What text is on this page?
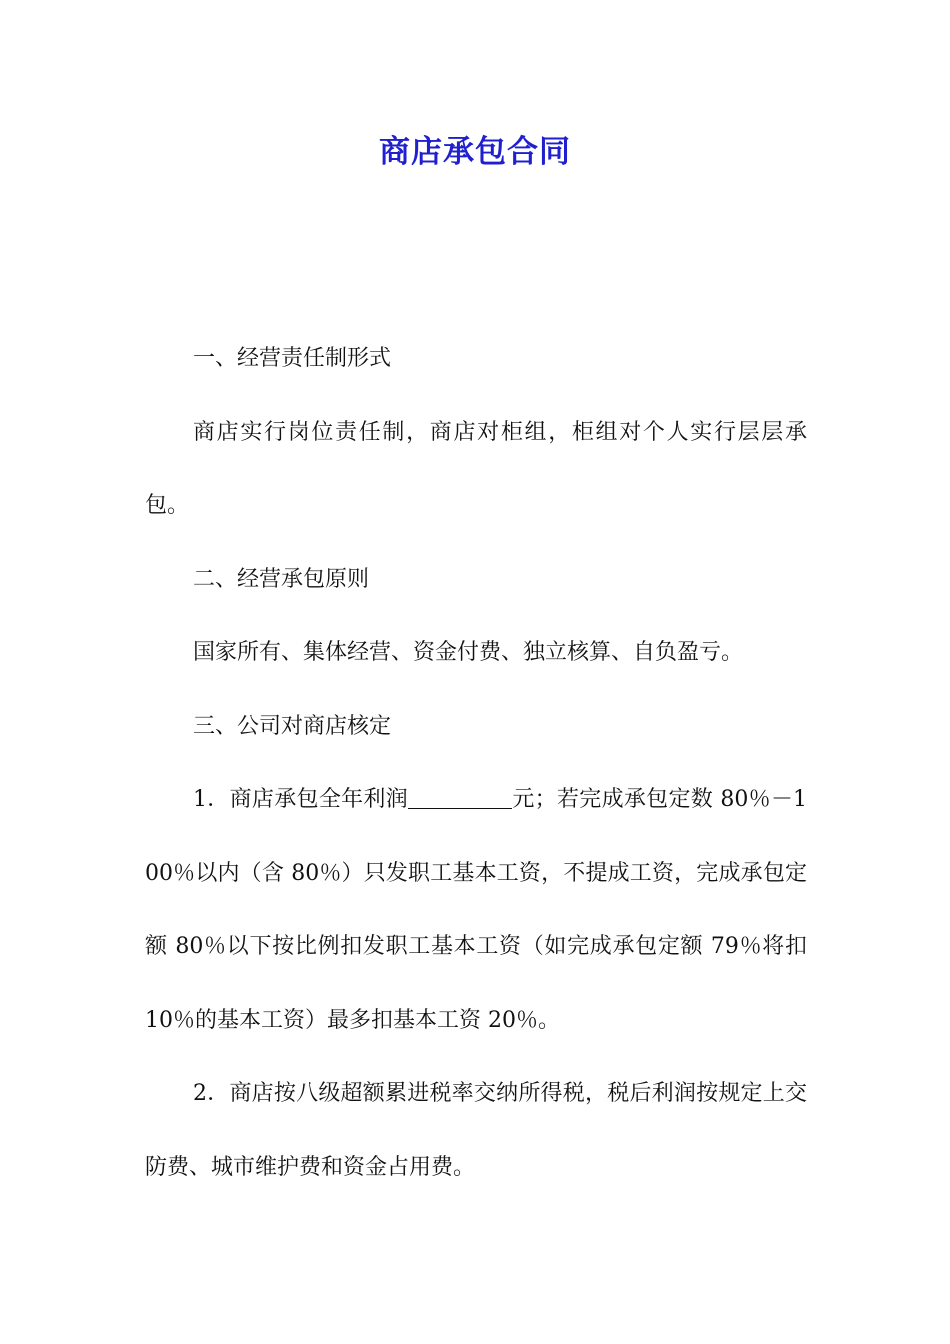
商店承包合同

一、经营责任制形式

商店实行岗位责任制，商店对柜组，柜组对个人实行层层承包。

二、经营承包原则

国家所有、集体经营、资金付费、独立核算、自负盈亏。

三、公司对商店核定

1．商店承包全年利润	元；若完成承包定数 80％－100％以内（含 80％）只发职工基本工资，不提成工资，完成承包定额 80％以下按比例扣发职工基本工资（如完成承包定额 79％将扣 10％的基本工资）最多扣基本工资 20％。

2．商店按八级超额累进税率交纳所得税，税后利润按规定上交防费、城市维护费和资金占用费。
